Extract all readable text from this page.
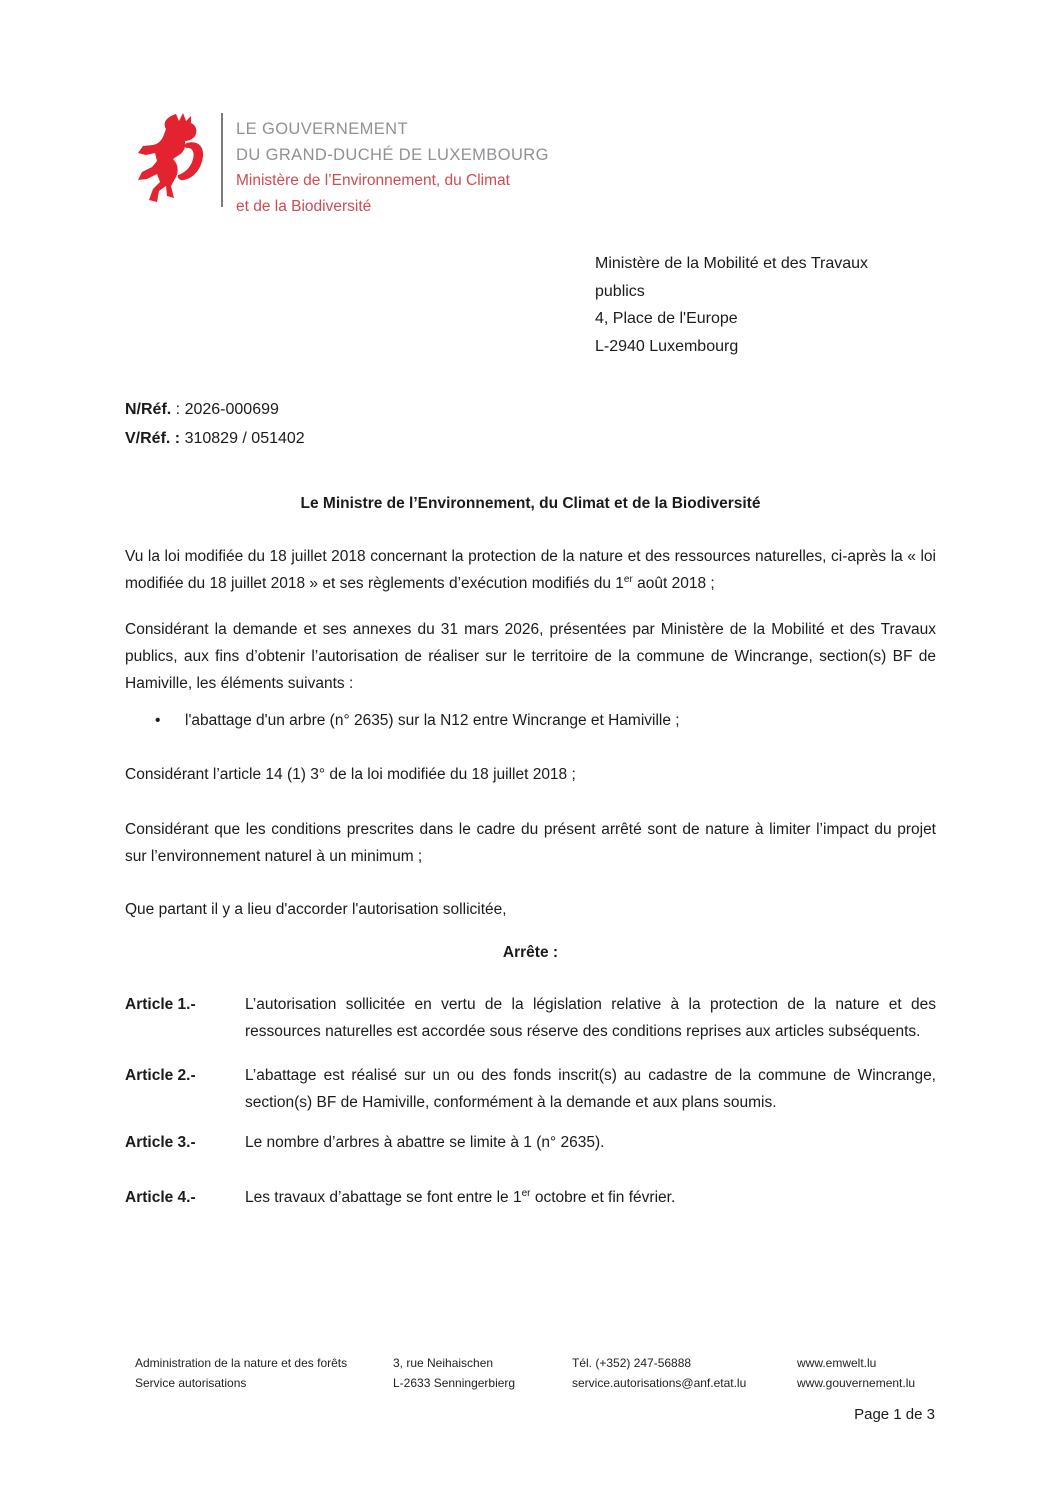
LE GOUVERNEMENT
DU GRAND-DUCHÉ DE LUXEMBOURG
Ministère de l’Environnement, du Climat
et de la Biodiversité
Ministère de la Mobilité et des Travaux
publics
4, Place de l'Europe
L-2940 Luxembourg
N/Réf. : 2026-000699
V/Réf. : 310829 / 051402

Le Ministre de l’Environnement, du Climat et de la Biodiversité

Vu la loi modifiée du 18 juillet 2018 concernant la protection de la nature et des ressources naturelles, ci-après la « loi modifiée du 18 juillet 2018 » et ses règlements d’exécution modifiés du 1er août 2018 ;

Considérant la demande et ses annexes du 31 mars 2026, présentées par Ministère de la Mobilité et des Travaux publics, aux fins d’obtenir l’autorisation de réaliser sur le territoire de la commune de Wincrange, section(s) BF de Hamiville, les éléments suivants :

• l'abattage d'un arbre (n° 2635) sur la N12 entre Wincrange et Hamiville ;

Considérant l’article 14 (1) 3° de la loi modifiée du 18 juillet 2018 ;

Considérant que les conditions prescrites dans le cadre du présent arrêté sont de nature à limiter l’impact du projet sur l’environnement naturel à un minimum ;

Que partant il y a lieu d'accorder l'autorisation sollicitée,

Arrête :

Article 1.-	L’autorisation sollicitée en vertu de la législation relative à la protection de la nature et des ressources naturelles est accordée sous réserve des conditions reprises aux articles subséquents.
Article 2.-	L’abattage est réalisé sur un ou des fonds inscrit(s) au cadastre de la commune de Wincrange, section(s) BF de Hamiville, conformément à la demande et aux plans soumis.
Article 3.-	Le nombre d’arbres à abattre se limite à 1 (n° 2635).
Article 4.-	Les travaux d’abattage se font entre le 1er octobre et fin février.
Administration de la nature et des forêts
Service autorisations
3, rue Neihaischen
L-2633 Senningerbierg
Tél. (+352) 247-56888
service.autorisations@anf.etat.lu
www.emwelt.lu
www.gouvernement.lu
Page 1 de 3
